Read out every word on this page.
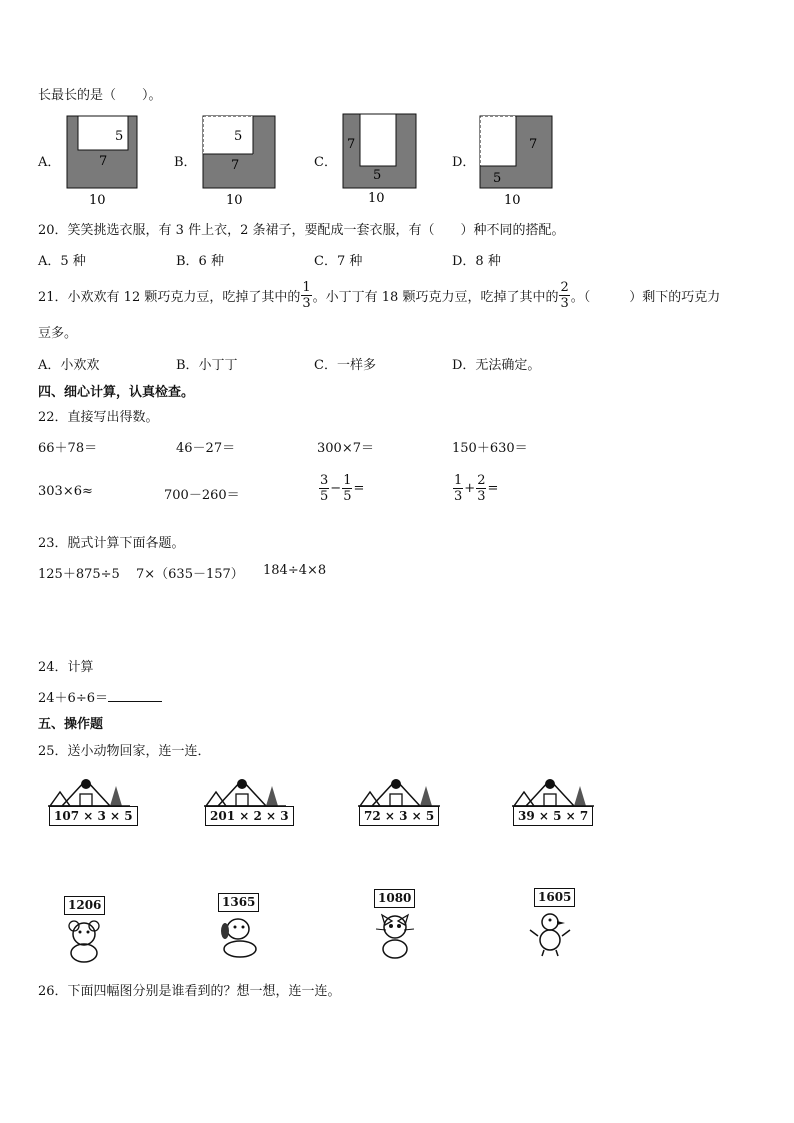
长最长的是（　　）。
A．
5
7
10
B．
5
7
10
C．
7
5
10
D．
7
5
10
20．笑笑挑选衣服，有 3 件上衣，2 条裙子，要配成一套衣服，有（　　）种不同的搭配。
A．5 种	B．6 种	C．7 种	D．8 种
21．小欢欢有 12 颗巧克力豆，吃掉了其中的 $\frac{1}{3}$ 。小丁丁有 18 颗巧克力豆，吃掉了其中的 $\frac{2}{3}$ 。（　　　）剩下的巧克力
豆多。
A．小欢欢	B．小丁丁	C．一样多	D．无法确定。
四、细心计算，认真检查。
22．直接写出得数。
66＋78＝	46－27＝	300×7＝	150＋630＝
303×6≈	700－260＝	$\frac{3}{5} - \frac{1}{5}$ =	$\frac{1}{3} + \frac{2}{3}$ =
23．脱式计算下面各题。
125＋875÷5 7×（635－157） 184÷4×8
24．计算
24＋6÷6＝
五、操作题
25．送小动物回家，连一连．
107 × 3 × 5	201 × 2 × 3	72 × 3 × 5	39 × 5 × 7
1206	1365	1080	1605
26．下面四幅图分别是谁看到的？想一想，连一连。
